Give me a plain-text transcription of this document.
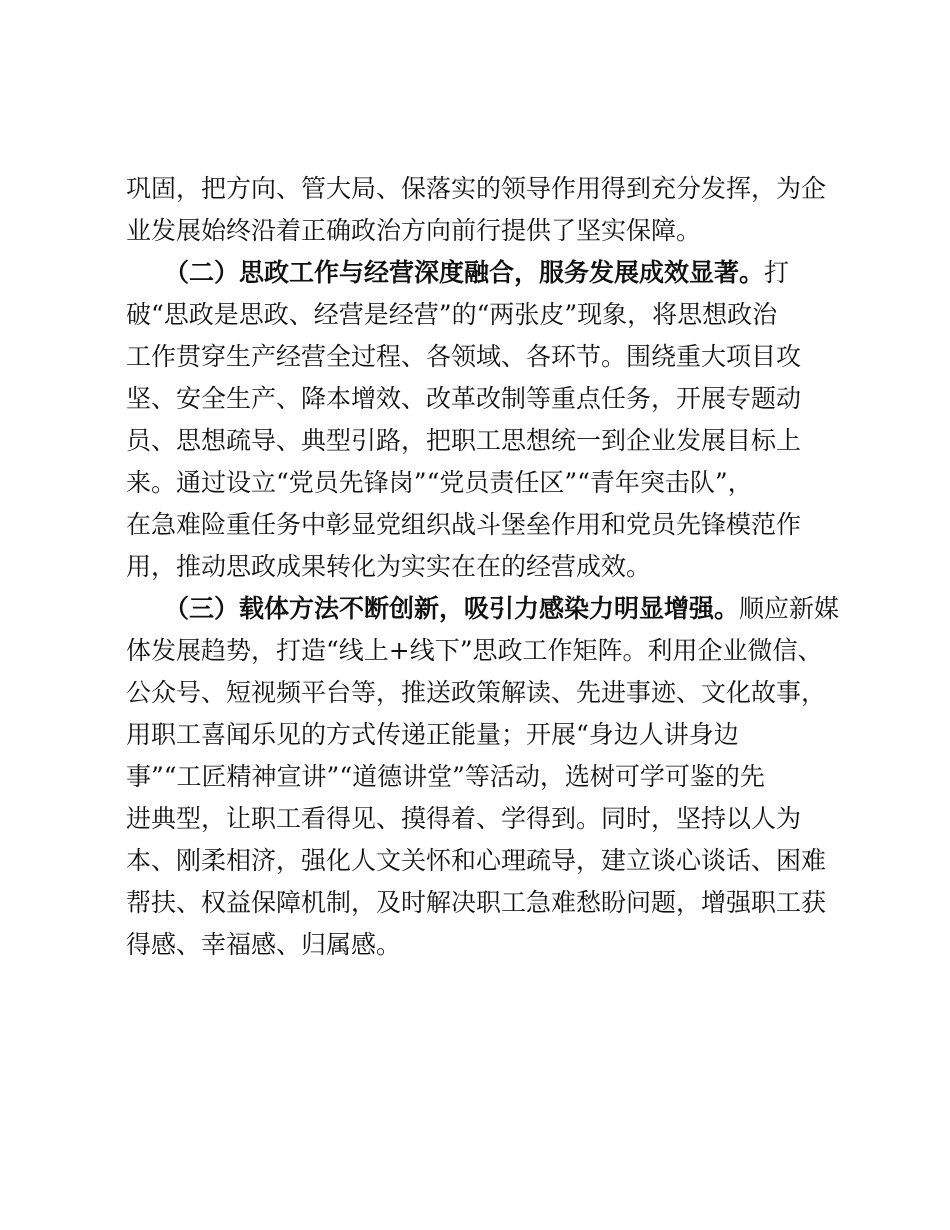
巩固，把方向、管大局、保落实的领导作用得到充分发挥，为企
业发展始终沿着正确政治方向前行提供了坚实保障。
（二）思政工作与经营深度融合，服务发展成效显著。打
破“思政是思政、经营是经营”的“两张皮”现象，将思想政治
工作贯穿生产经营全过程、各领域、各环节。围绕重大项目攻
坚、安全生产、降本增效、改革改制等重点任务，开展专题动
员、思想疏导、典型引路，把职工思想统一到企业发展目标上
来。通过设立“党员先锋岗”“党员责任区”“青年突击队”，
在急难险重任务中彰显党组织战斗堡垒作用和党员先锋模范作
用，推动思政成果转化为实实在在的经营成效。
（三）载体方法不断创新，吸引力感染力明显增强。顺应新媒
体发展趋势，打造“线上+线下”思政工作矩阵。利用企业微信、
公众号、短视频平台等，推送政策解读、先进事迹、文化故事，
用职工喜闻乐见的方式传递正能量；开展“身边人讲身边
事”“工匠精神宣讲”“道德讲堂”等活动，选树可学可鉴的先
进典型，让职工看得见、摸得着、学得到。同时，坚持以人为
本、刚柔相济，强化人文关怀和心理疏导，建立谈心谈话、困难
帮扶、权益保障机制，及时解决职工急难愁盼问题，增强职工获
得感、幸福感、归属感。
